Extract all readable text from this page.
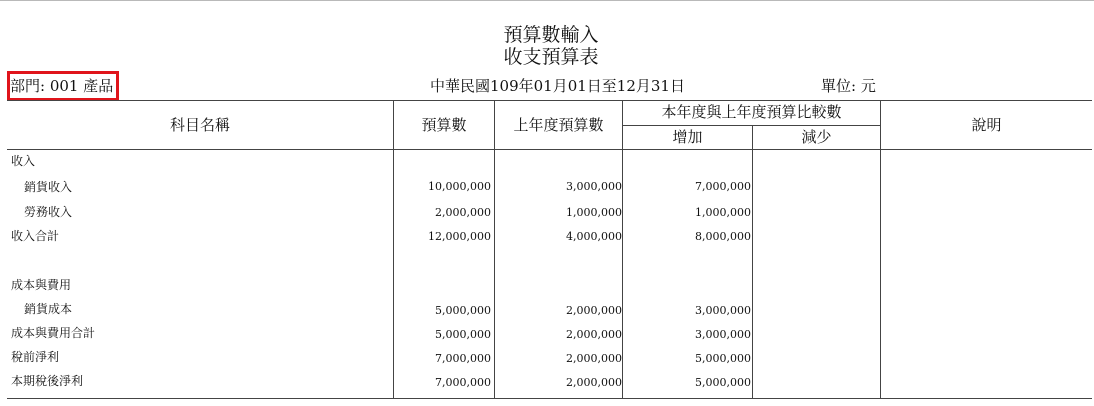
預算數輸入
收支預算表
部門: 001 產品	中華民國109年01月01日至12月31日	單位: 元
科目名稱	預算數	上年度預算數
本年度與上年度預算比較數
增加	減少
說明
收入
銷貨收入	10,000,000	3,000,000	7,000,000
勞務收入	2,000,000	1,000,000	1,000,000
收入合計	12,000,000	4,000,000	8,000,000
成本與費用
銷貨成本	5,000,000	2,000,000	3,000,000
成本與費用合計	5,000,000	2,000,000	3,000,000
稅前淨利	7,000,000	2,000,000	5,000,000
本期稅後淨利	7,000,000	2,000,000	5,000,000
